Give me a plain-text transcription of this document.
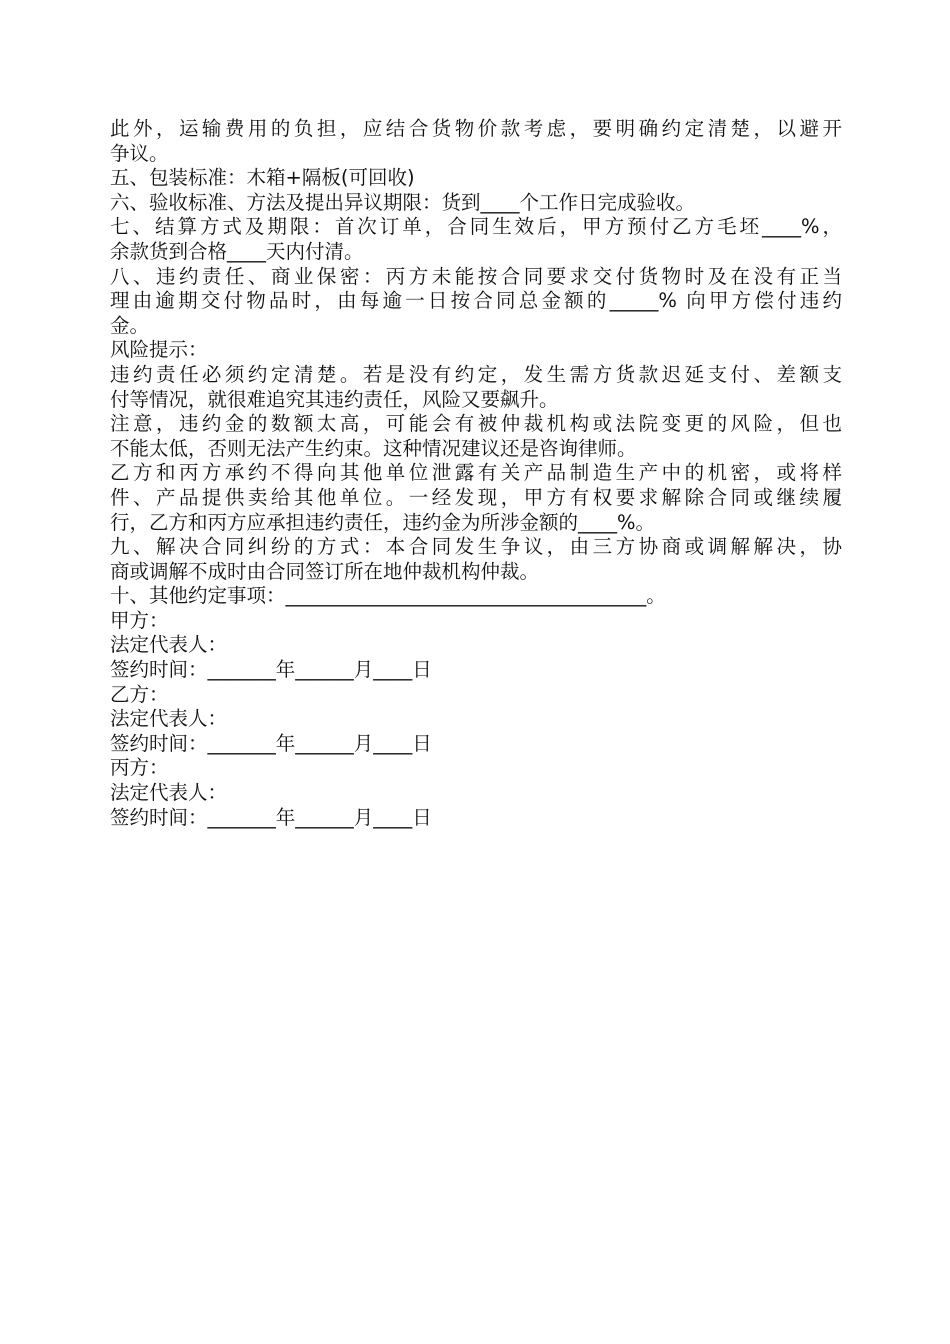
此外，运输费用的负担，应结合货物价款考虑，要明确约定清楚，以避开
争议。
五、包装标准：木箱+隔板(可回收)
六、验收标准、方法及提出异议期限：货到____个工作日完成验收。
七、结算方式及期限：首次订单，合同生效后，甲方预付乙方毛坯____%，
余款货到合格____天内付清。
八、违约责任、商业保密：丙方未能按合同要求交付货物时及在没有正当
理由逾期交付物品时，由每逾一日按合同总金额的_____% 向甲方偿付违约
金。
风险提示：
违约责任必须约定清楚。若是没有约定，发生需方货款迟延支付、差额支
付等情况，就很难追究其违约责任，风险又要飙升。
注意，违约金的数额太高，可能会有被仲裁机构或法院变更的风险，但也
不能太低，否则无法产生约束。这种情况建议还是咨询律师。
乙方和丙方承约不得向其他单位泄露有关产品制造生产中的机密，或将样
件、产品提供卖给其他单位。一经发现，甲方有权要求解除合同或继续履
行，乙方和丙方应承担违约责任，违约金为所涉金额的____%。
九、解决合同纠纷的方式：本合同发生争议，由三方协商或调解解决，协
商或调解不成时由合同签订所在地仲裁机构仲裁。
十、其他约定事项：_____________________________________。
甲方：
法定代表人：
签约时间：_______年______月____日
乙方：
法定代表人：
签约时间：_______年______月____日
丙方：
法定代表人：
签约时间：_______年______月____日
